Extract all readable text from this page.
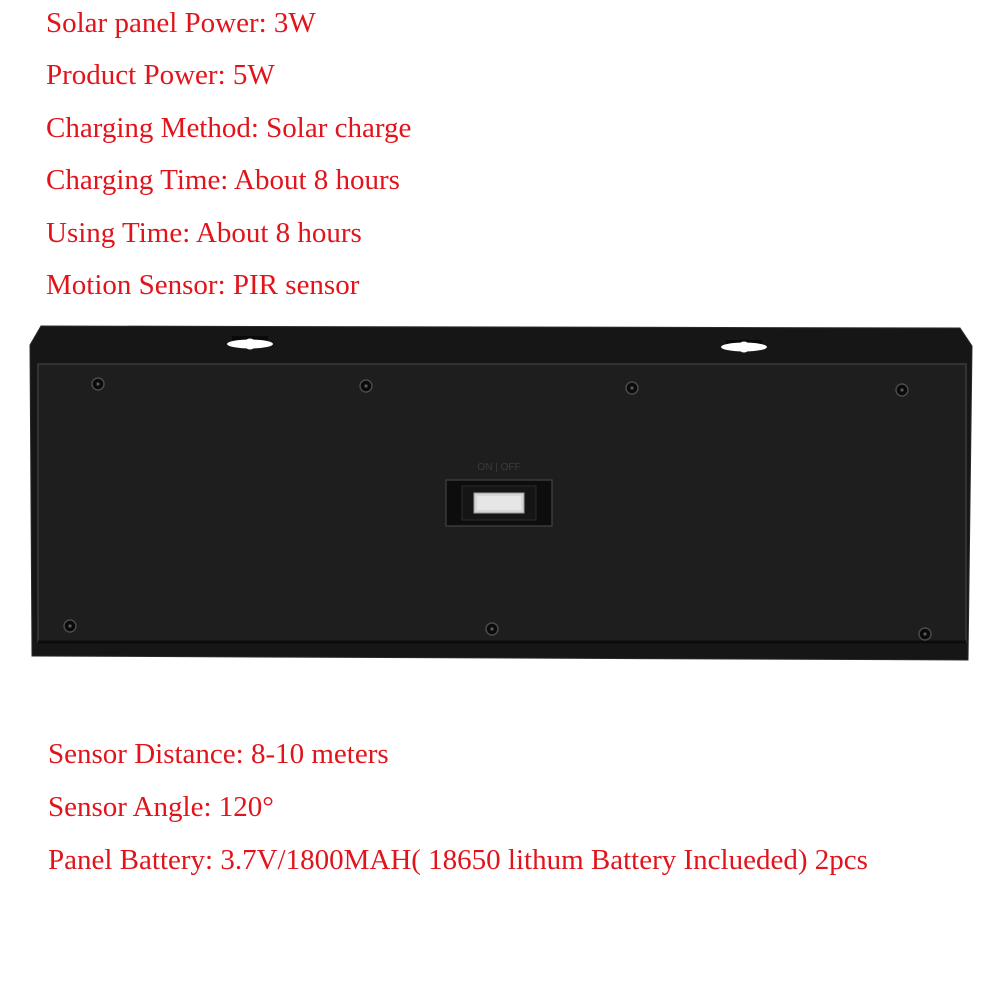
Solar panel Power: 3W
Product Power: 5W
Charging Method: Solar charge
Charging Time: About 8 hours
Using Time: About 8 hours
Motion Sensor: PIR sensor
ON | OFF
Sensor Distance: 8-10 meters
Sensor Angle: 120°
Panel Battery: 3.7V/1800MAH( 18650 lithum Battery Inclueded) 2pcs
